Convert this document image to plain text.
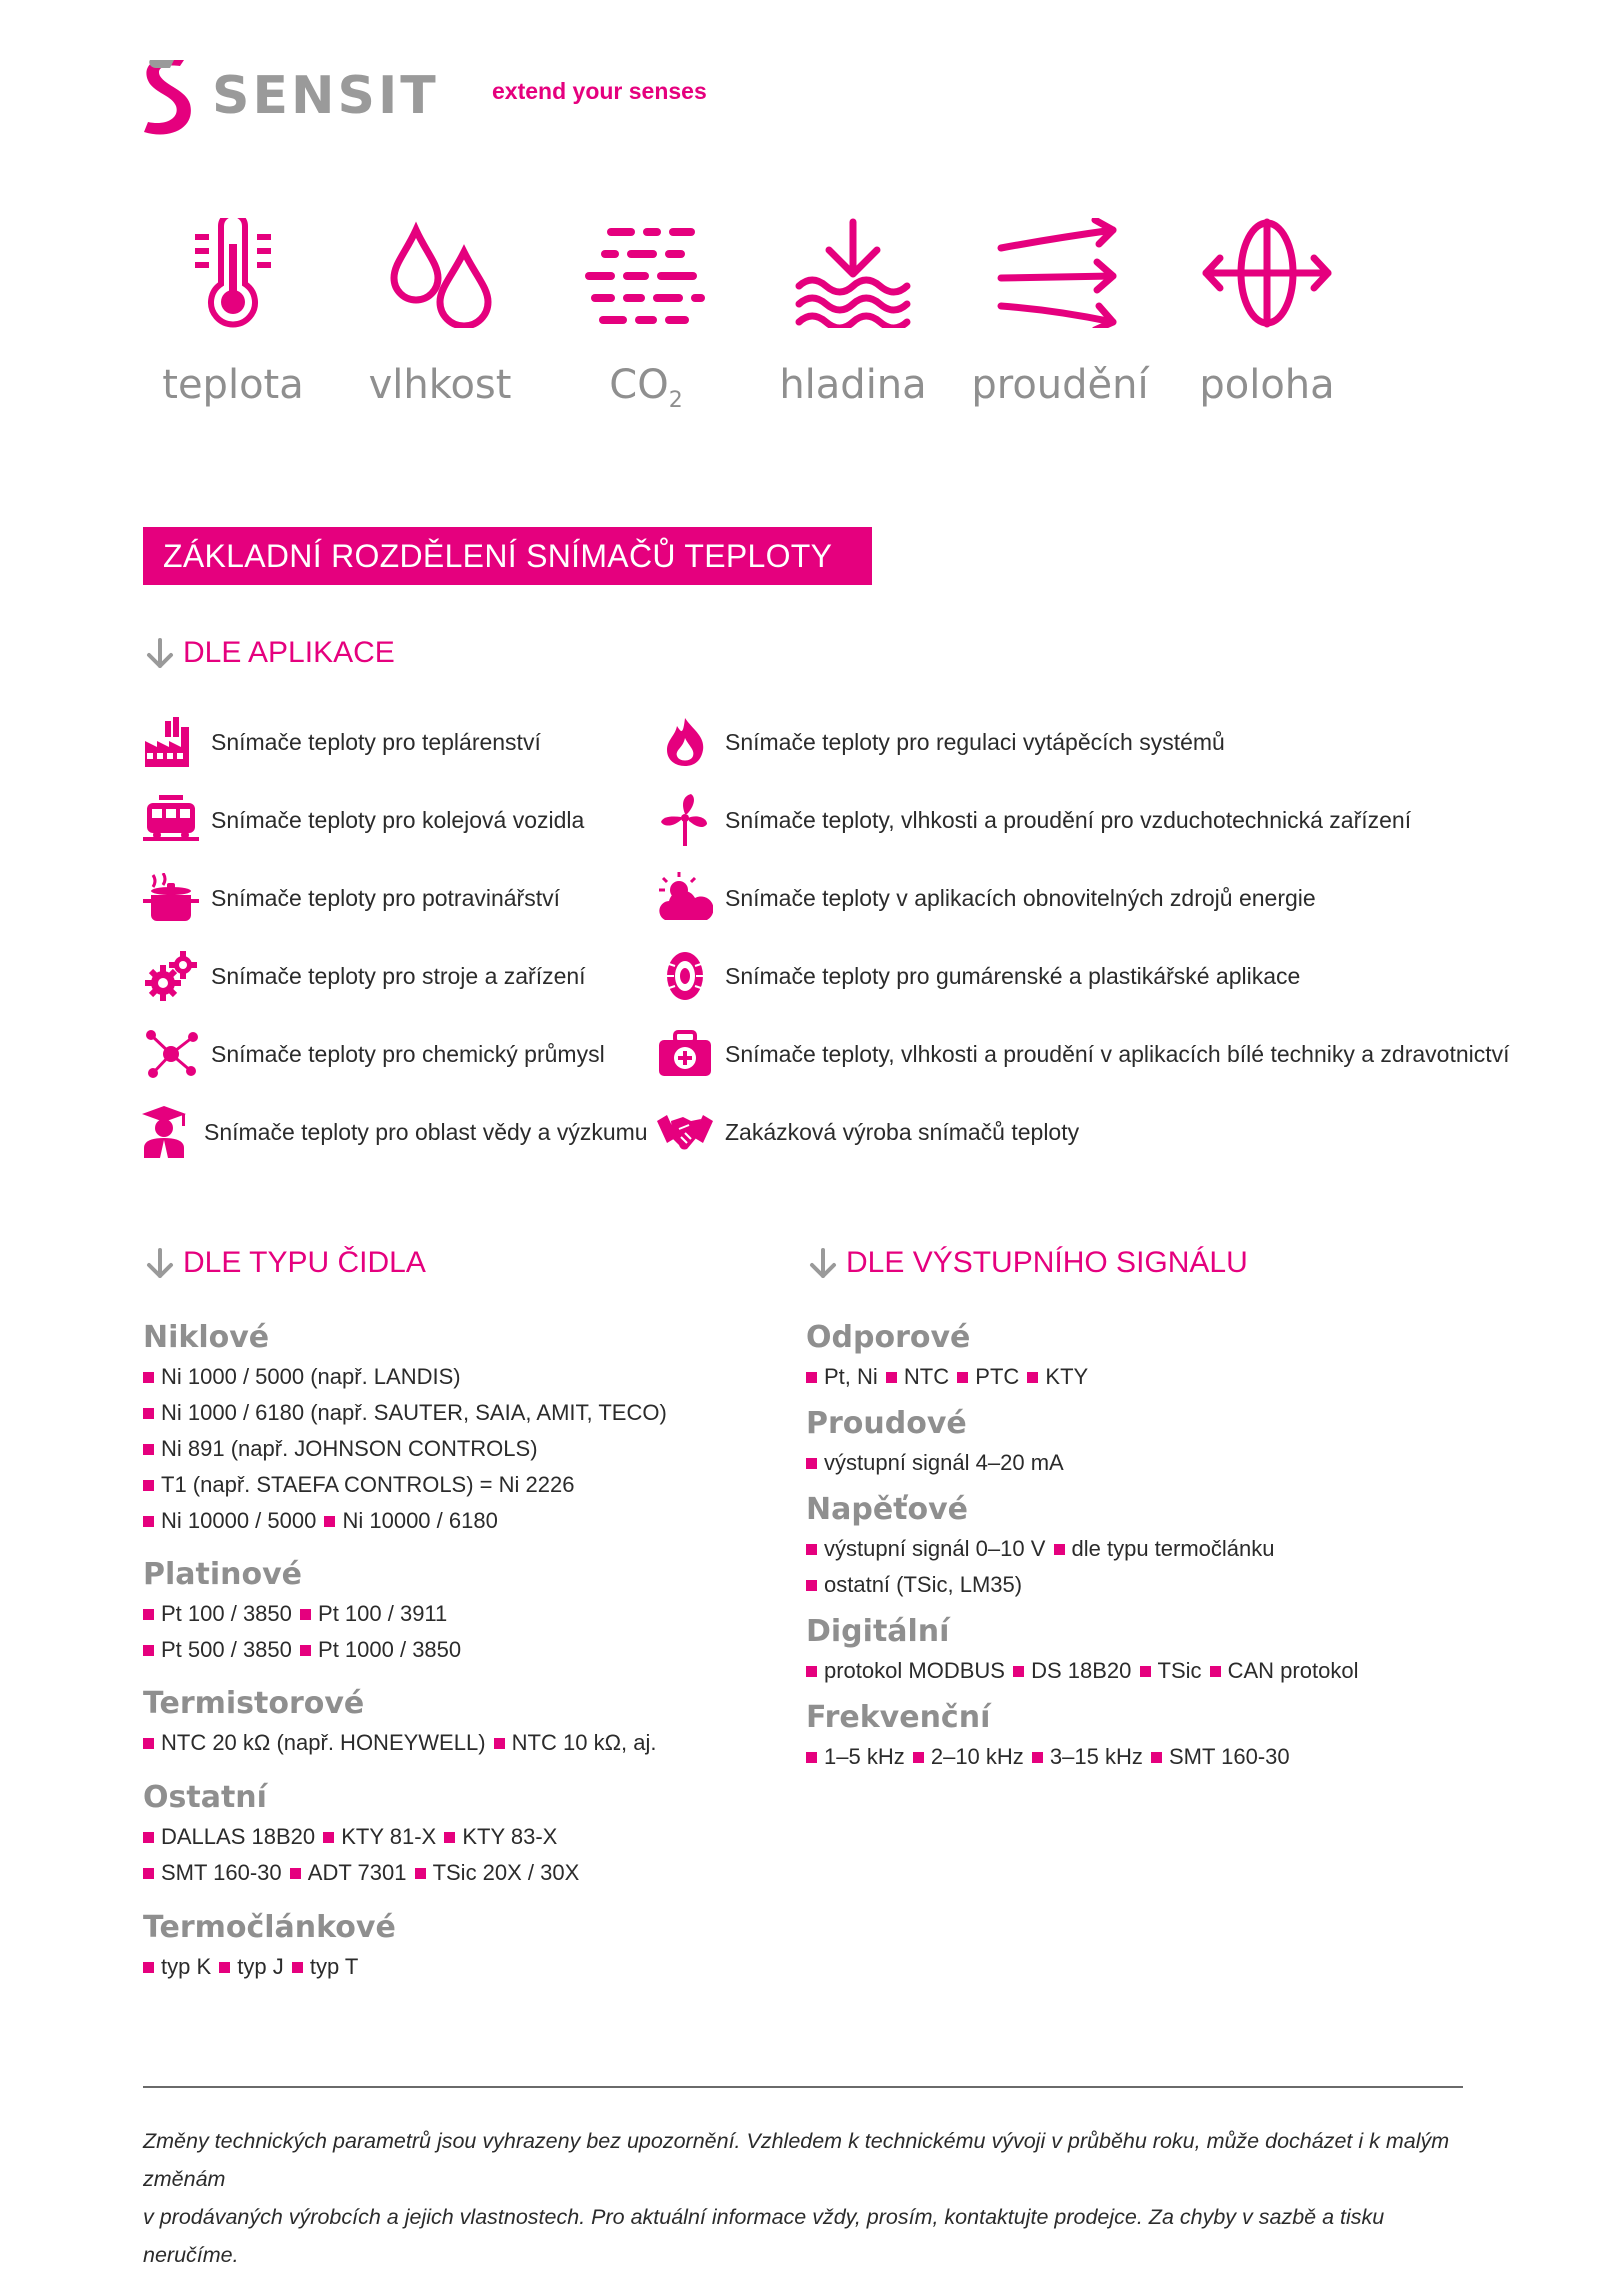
SENSIT extend your senses
teplota	vlhkost	$CO_2$	hladina	proudění	poloha
ZÁKLADNÍ ROZDĚLENÍ SNÍMAČŮ TEPLOTY
DLE APLIKACE
Snímače teploty pro teplárenství
Snímače teploty pro kolejová vozidla
Snímače teploty pro potravinářství
Snímače teploty pro stroje a zařízení
Snímače teploty pro chemický průmysl
Snímače teploty pro oblast vědy a výzkumu
Snímače teploty pro regulaci vytápěcích systémů
Snímače teploty, vlhkosti a proudění pro vzduchotechnická zařízení
Snímače teploty v aplikacích obnovitelných zdrojů energie
Snímače teploty pro gumárenské a plastikářské aplikace
Snímače teploty, vlhkosti a proudění v aplikacích bílé techniky a zdravotnictví
Zakázková výroba snímačů teploty
DLE TYPU ČIDLA
Niklové
Ni 1000 / 5000 (např. LANDIS)
Ni 1000 / 6180 (např. SAUTER, SAIA, AMIT, TECO)
Ni 891 (např. JOHNSON CONTROLS)
T1 (např. STAEFA CONTROLS) = Ni 2226
Ni 10000 / 5000 Ni 10000 / 6180
Platinové
Pt 100 / 3850 Pt 100 / 3911
Pt 500 / 3850 Pt 1000 / 3850
Termistorové
NTC 20 kΩ (např. HONEYWELL) NTC 10 kΩ, aj.
Ostatní
DALLAS 18B20 KTY 81-X KTY 83-X
SMT 160-30 ADT 7301 TSic 20X / 30X
Termočlánkové
typ K typ J typ T
DLE VÝSTUPNÍHO SIGNÁLU
Odporové
Pt, Ni NTC PTC KTY
Proudové
výstupní signál 4–20 mA
Napěťové
výstupní signál 0–10 V dle typu termočlánku
ostatní (TSic, LM35)
Digitální
protokol MODBUS DS 18B20 TSic CAN protokol
Frekvenční
1–5 kHz 2–10 kHz 3–15 kHz SMT 160-30
Změny technických parametrů jsou vyhrazeny bez upozornění. Vzhledem k technickému vývoji v průběhu roku, může docházet i k malým změnám
v prodávaných výrobcích a jejich vlastnostech. Pro aktuální informace vždy, prosím, kontaktujte prodejce. Za chyby v sazbě a tisku neručíme.
